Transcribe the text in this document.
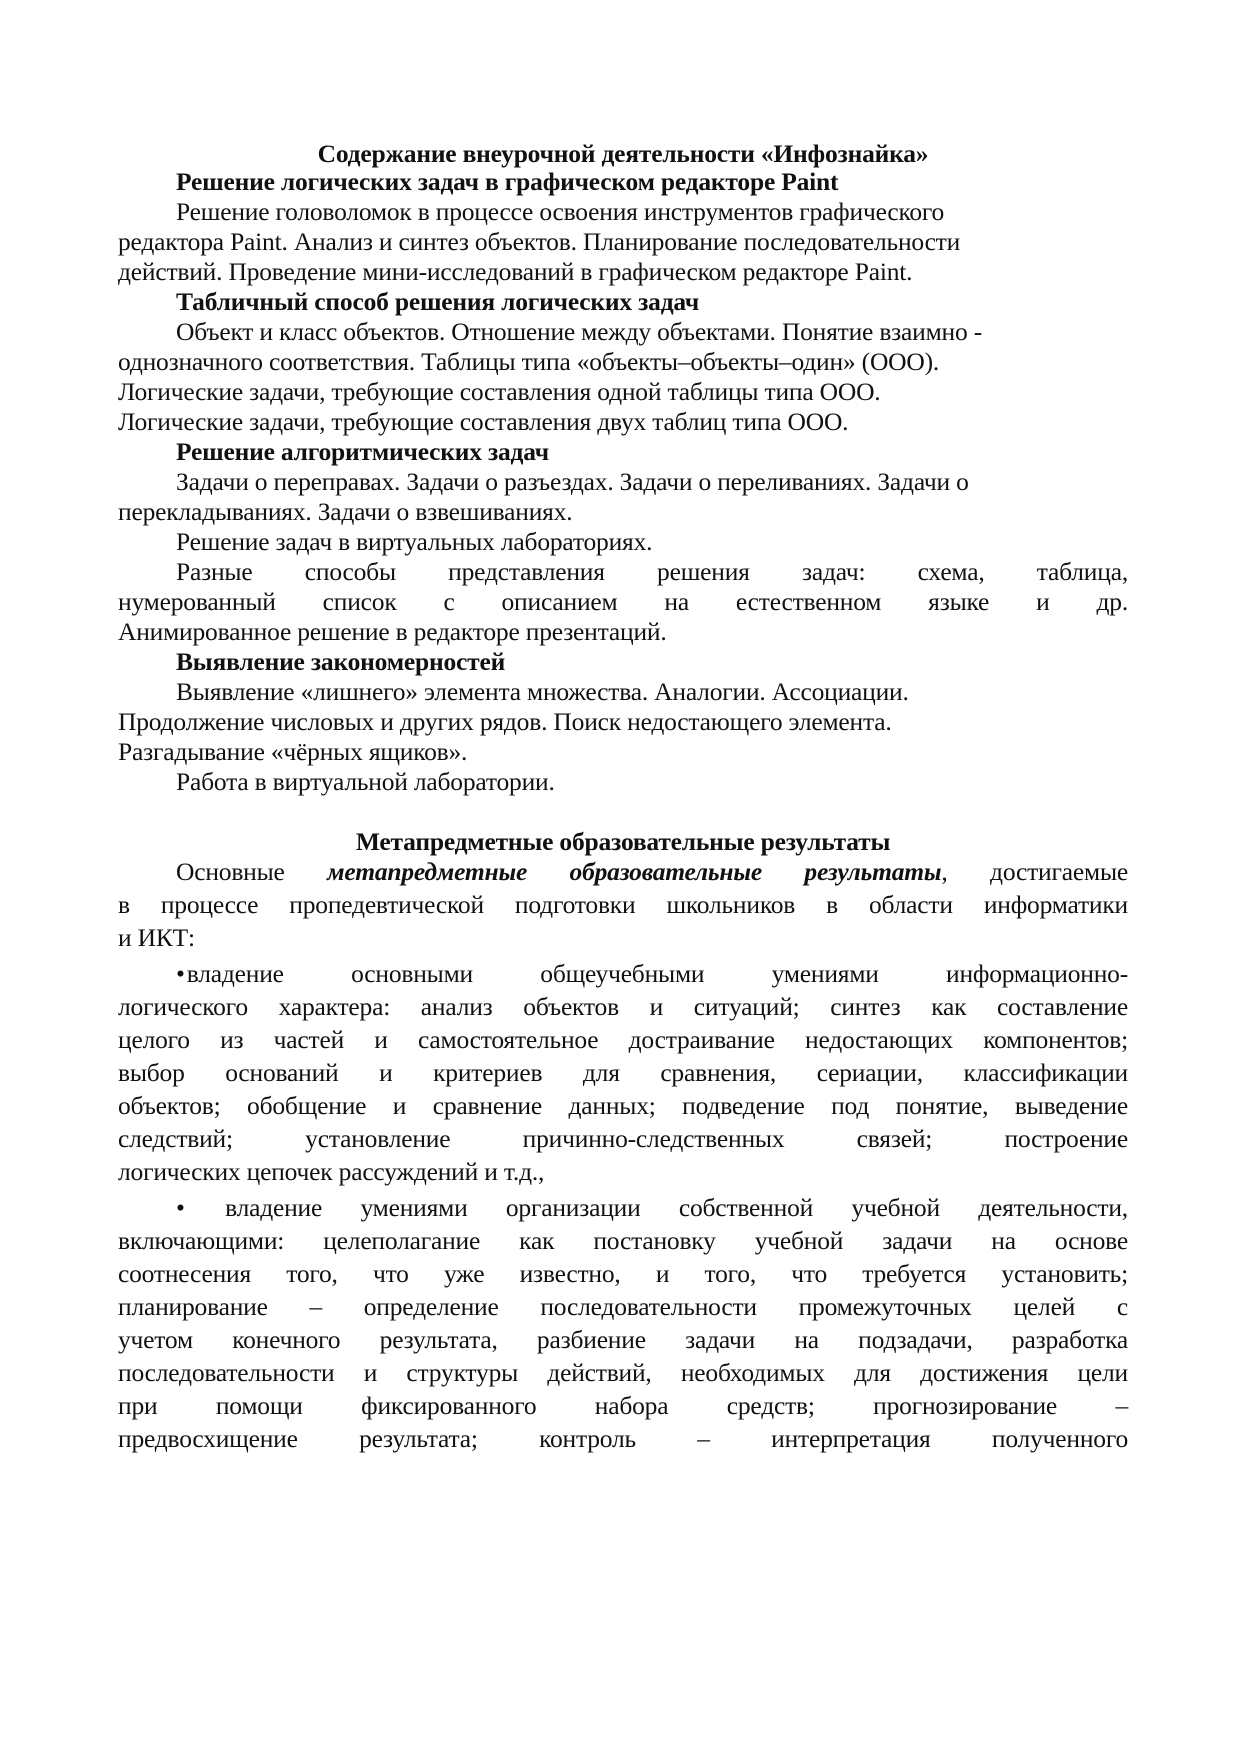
Содержание внеурочной деятельности «Инфознайка»
Решение логических задач в графическом редакторе Paint
Решение головоломок в процессе освоения инструментов графического
редактора Paint. Анализ и синтез объектов. Планирование последовательности
действий. Проведение мини-исследований в графическом редакторе Paint.
Табличный способ решения логических задач
Объект и класс объектов. Отношение между объектами. Понятие взаимно -
однозначного соответствия. Таблицы типа «объекты–объекты–один» (ООО).
Логические задачи, требующие составления одной таблицы типа ООО.
Логические задачи, требующие составления двух таблиц типа ООО.
Решение алгоритмических задач
Задачи о переправах. Задачи о разъездах. Задачи о переливаниях. Задачи о
перекладываниях. Задачи о взвешиваниях.
Решение задач в виртуальных лабораториях.
Разные способы представления решения задач: схема, таблица,
нумерованный список с описанием на естественном языке и др.
Анимированное решение в редакторе презентаций.
Выявление закономерностей
Выявление «лишнего» элемента множества. Аналогии. Ассоциации.
Продолжение числовых и других рядов. Поиск недостающего элемента.
Разгадывание «чёрных ящиков».
Работа в виртуальной лаборатории.
Метапредметные образовательные результаты
Основные метапредметные образовательные результаты, достигаемые
в процессе пропедевтической подготовки школьников в области информатики
и ИКТ:
•владение основными общеучебными умениями информационно-
логического характера: анализ объектов и ситуаций; синтез как составление
целого из частей и самостоятельное достраивание недостающих компонентов;
выбор оснований и критериев для сравнения, сериации, классификации
объектов; обобщение и сравнение данных; подведение под понятие, выведение
следствий; установление причинно-следственных связей; построение
логических цепочек рассуждений и т.д.,
• владение умениями организации собственной учебной деятельности,
включающими: целеполагание как постановку учебной задачи на основе
соотнесения того, что уже известно, и того, что требуется установить;
планирование – определение последовательности промежуточных целей с
учетом конечного результата, разбиение задачи на подзадачи, разработка
последовательности и структуры действий, необходимых для достижения цели
при помощи фиксированного набора средств; прогнозирование –
предвосхищение результата; контроль – интерпретация полученного
